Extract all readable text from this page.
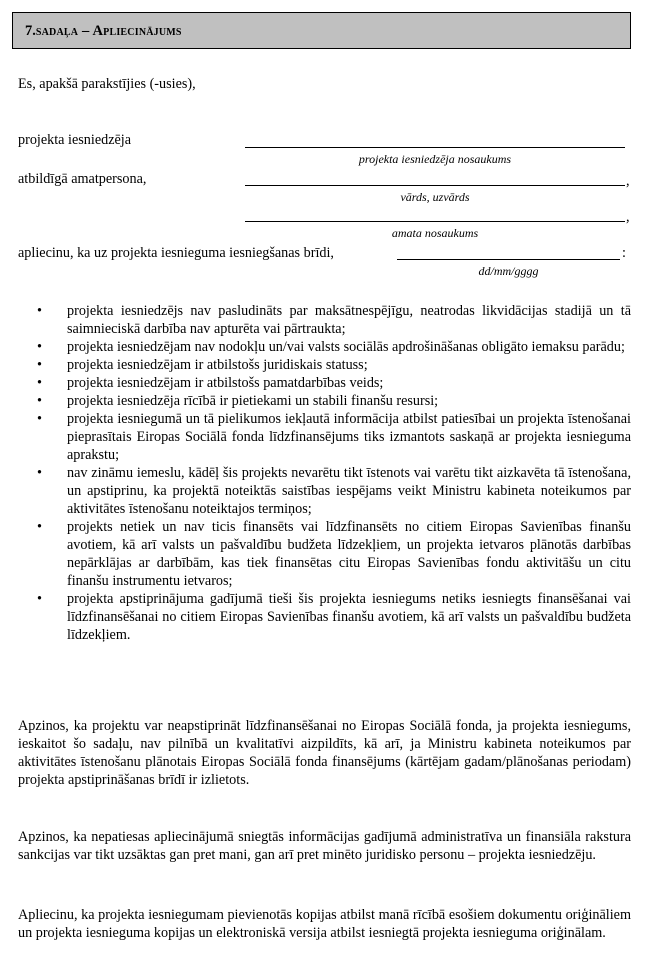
7. sadaļa – Apliecinājums
Es, apakšā parakstījies (-usies),
projekta iesniedzēja
projekta iesniedzēja nosaukums
atbildīgā amatpersona,	,
vārds, uzvārds
,
amata nosaukums
apliecinu, ka uz projekta iesnieguma iesniegšanas brīdi,	:
dd/mm/gggg
• projekta iesniedzējs nav pasludināts par maksātnespējīgu, neatrodas likvidācijas stadijā un tā saimnieciskā darbība nav apturēta vai pārtraukta;
• projekta iesniedzējam nav nodokļu un/vai valsts sociālās apdrošināšanas obligāto iemaksu parādu;
• projekta iesniedzējam ir atbilstošs juridiskais statuss;
• projekta iesniedzējam ir atbilstošs pamatdarbības veids;
• projekta iesniedzēja rīcībā ir pietiekami un stabili finanšu resursi;
• projekta iesniegumā un tā pielikumos iekļautā informācija atbilst patiesībai un projekta īstenošanai pieprasītais Eiropas Sociālā fonda līdzfinansējums tiks izmantots saskaņā ar projekta iesnieguma aprakstu;
• nav zināmu iemeslu, kādēļ šis projekts nevarētu tikt īstenots vai varētu tikt aizkavēta tā īstenošana, un apstiprinu, ka projektā noteiktās saistības iespējams veikt Ministru kabineta noteikumos par aktivitātes īstenošanu noteiktajos termiņos;
• projekts netiek un nav ticis finansēts vai līdzfinansēts no citiem Eiropas Savienības finanšu avotiem, kā arī valsts un pašvaldību budžeta līdzekļiem, un projekta ietvaros plānotās darbības nepārklājas ar darbībām, kas tiek finansētas citu Eiropas Savienības fondu aktivitāšu un citu finanšu instrumentu ietvaros;
• projekta apstiprinājuma gadījumā tieši šis projekta iesniegums netiks iesniegts finansēšanai vai līdzfinansēšanai no citiem Eiropas Savienības finanšu avotiem, kā arī valsts un pašvaldību budžeta līdzekļiem.

Apzinos, ka projektu var neapstiprināt līdzfinansēšanai no Eiropas Sociālā fonda, ja projekta iesniegums, ieskaitot šo sadaļu, nav pilnībā un kvalitatīvi aizpildīts, kā arī, ja Ministru kabineta noteikumos par aktivitātes īstenošanu plānotais Eiropas Sociālā fonda finansējums (kārtējam gadam/plānošanas periodam) projekta apstiprināšanas brīdī ir izlietots.

Apzinos, ka nepatiesas apliecinājumā sniegtās informācijas gadījumā administratīva un finansiāla rakstura sankcijas var tikt uzsāktas gan pret mani, gan arī pret minēto juridisko personu – projekta iesniedzēju.

Apliecinu, ka projekta iesniegumam pievienotās kopijas atbilst manā rīcībā esošiem dokumentu oriģināliem un projekta iesnieguma kopijas un elektroniskā versija atbilst iesniegtā projekta iesnieguma oriģinālam.
